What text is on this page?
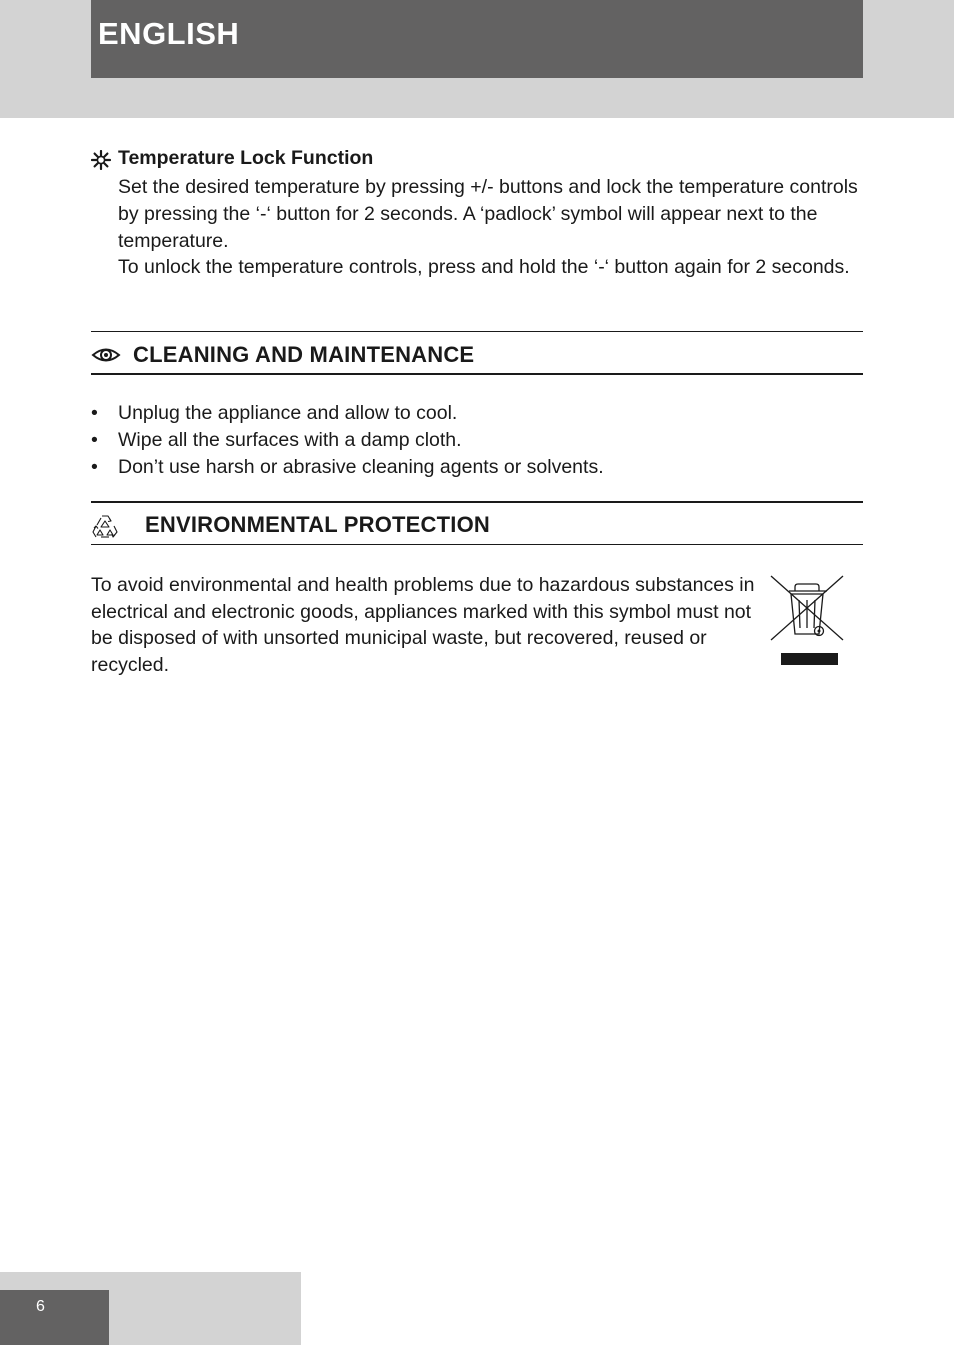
ENGLISH
Temperature Lock Function

Set the desired temperature by pressing +/- buttons and lock the temperature controls by pressing the ‘-‘ button for 2 seconds. A ‘padlock’ symbol will appear next to the temperature.

To unlock the temperature controls, press and hold the ‘-‘ button again for 2 seconds.

CLEANING AND MAINTENANCE
• Unplug the appliance and allow to cool.
• Wipe all the surfaces with a damp cloth.
• Don’t use harsh or abrasive cleaning agents or solvents.
ENVIRONMENTAL PROTECTION
To avoid environmental and health problems due to hazardous substances in electrical and electronic goods, appliances marked with this symbol must not be disposed of with unsorted municipal waste, but recovered, reused or recycled.
6
